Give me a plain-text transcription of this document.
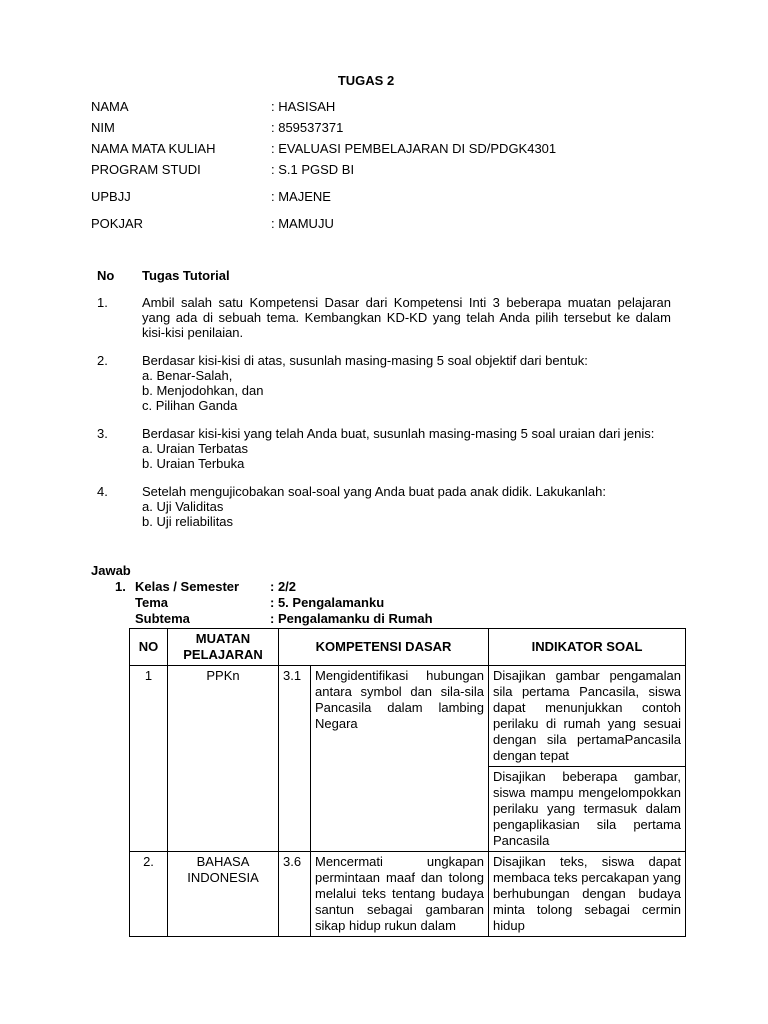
TUGAS 2
NAMA	: HASISAH
NIM	: 859537371
NAMA MATA KULIAH	: EVALUASI PEMBELAJARAN DI SD/PDGK4301
PROGRAM STUDI	: S.1 PGSD BI
UPBJJ	: MAJENE
POKJAR	: MAMUJU
No	Tugas Tutorial
1.	Ambil salah satu Kompetensi Dasar dari Kompetensi Inti 3 beberapa muatan pelajaran yang ada di sebuah tema. Kembangkan KD-KD yang telah Anda pilih tersebut ke dalam kisi-kisi penilaian.
2.	Berdasar kisi-kisi di atas, susunlah masing-masing 5 soal objektif dari bentuk:
a. Benar-Salah,
b. Menjodohkan, dan
c. Pilihan Ganda
3.	Berdasar kisi-kisi yang telah Anda buat, susunlah masing-masing 5 soal uraian dari jenis:
a. Uraian Terbatas
b. Uraian Terbuka
4.	Setelah mengujicobakan soal-soal yang Anda buat pada anak didik. Lakukanlah:
a. Uji Validitas
b. Uji reliabilitas
Jawab
1. Kelas / Semester	: 2/2
Tema	: 5. Pengalamanku
Subtema	: Pengalamanku di Rumah
NO	MUATAN PELAJARAN	KOMPETENSI DASAR		INDIKATOR SOAL
1	PPKn	3.1	Mengidentifikasi hubungan antara symbol dan sila-sila Pancasila dalam lambing Negara	Disajikan gambar pengamalan sila pertama Pancasila, siswa dapat menunjukkan contoh perilaku di rumah yang sesuai dengan sila pertamaPancasila dengan tepat
				Disajikan beberapa gambar, siswa mampu mengelompokkan perilaku yang termasuk dalam pengaplikasian sila pertama Pancasila
2.	BAHASA INDONESIA	3.6	Mencermati ungkapan permintaan maaf dan tolong melalui teks tentang budaya santun sebagai gambaran sikap hidup rukun dalam	Disajikan teks, siswa dapat membaca teks percakapan yang berhubungan dengan budaya minta tolong sebagai cermin hidup
